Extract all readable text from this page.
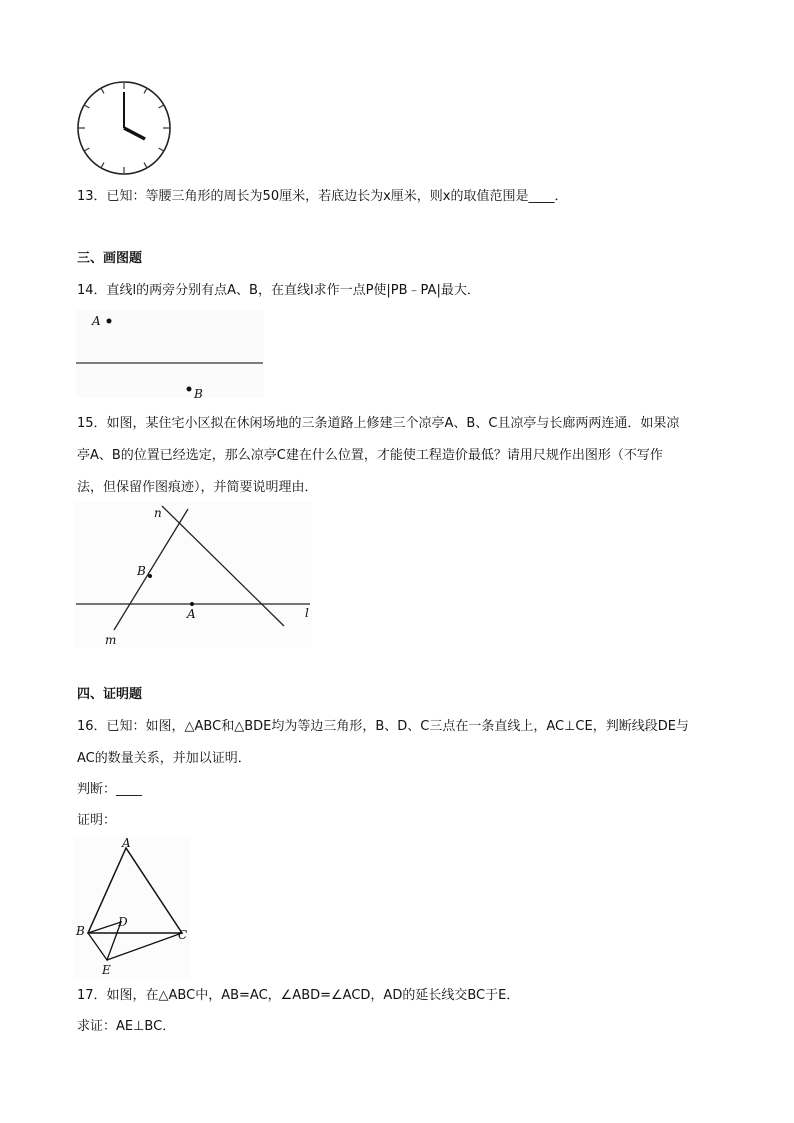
13．已知：等腰三角形的周长为50厘米，若底边长为x厘米，则x的取值范围是____．
三、画图题
14．直线l的两旁分别有点A、B，在直线l求作一点P使|PB﹣PA|最大．
A
B
15．如图，某住宅小区拟在休闲场地的三条道路上修建三个凉亭A、B、C且凉亭与长廊两两连通．如果凉
亭A、B的位置已经选定，那么凉亭C建在什么位置，才能使工程造价最低？请用尺规作出图形（不写作
法，但保留作图痕迹），并简要说明理由．
n
B
A	l
m
四、证明题
16．已知：如图，△ABC和△BDE均为等边三角形，B、D、C三点在一条直线上，AC⊥CE，判断线段DE与
AC的数量关系，并加以证明．
判断：____
证明：
A
B	C
D
E
17．如图，在△ABC中，AB=AC，∠ABD=∠ACD，AD的延长线交BC于E．
求证：AE⊥BC．
